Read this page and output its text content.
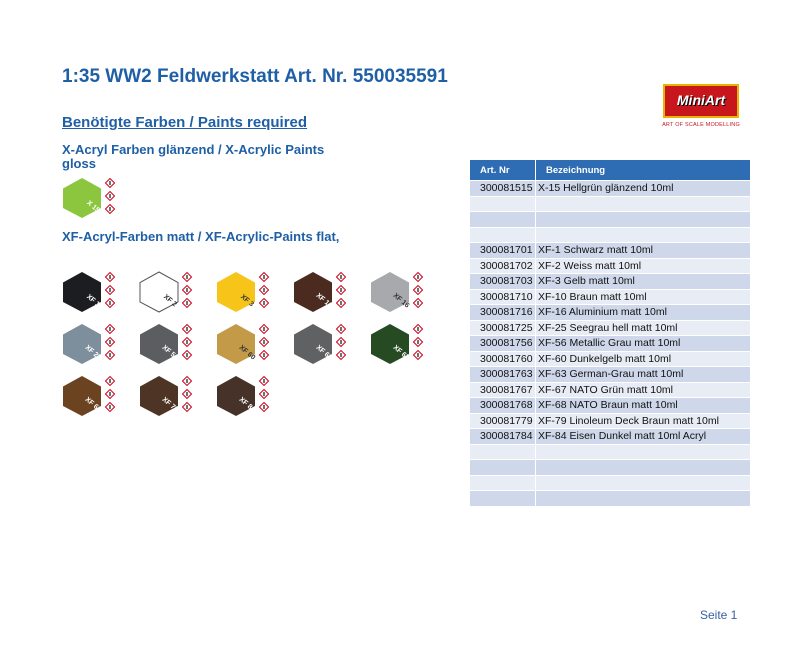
1:35 WW2 Feldwerkstatt Art. Nr. 550035591
MiniArt
ART OF SCALE MODELLING
Benötigte Farben / Paints required
X-Acryl Farben glänzend / X-Acrylic Paints gloss
X 15
XF-Acryl-Farben matt / XF-Acrylic-Paints flat,
XF 1	XF 2	XF 3	XF 10	XF 16
XF 25	XF 56	XF 60	XF 63	XF 67
XF 68	XF 79	XF 84
Art. Nr	Bezeichnung
300081515	X-15 Hellgrün glänzend 10ml

300081701	XF-1 Schwarz matt 10ml
300081702	XF-2 Weiss matt 10ml
300081703	XF-3 Gelb matt 10ml
300081710	XF-10 Braun matt 10ml
300081716	XF-16 Aluminium matt 10ml
300081725	XF-25 Seegrau hell matt 10ml
300081756	XF-56 Metallic Grau matt 10ml
300081760	XF-60 Dunkelgelb matt 10ml
300081763	XF-63 German-Grau matt 10ml
300081767	XF-67 NATO Grün matt 10ml
300081768	XF-68 NATO Braun matt 10ml
300081779	XF-79 Linoleum Deck Braun matt 10ml
300081784	XF-84 Eisen Dunkel matt 10ml Acryl

Seite 1
